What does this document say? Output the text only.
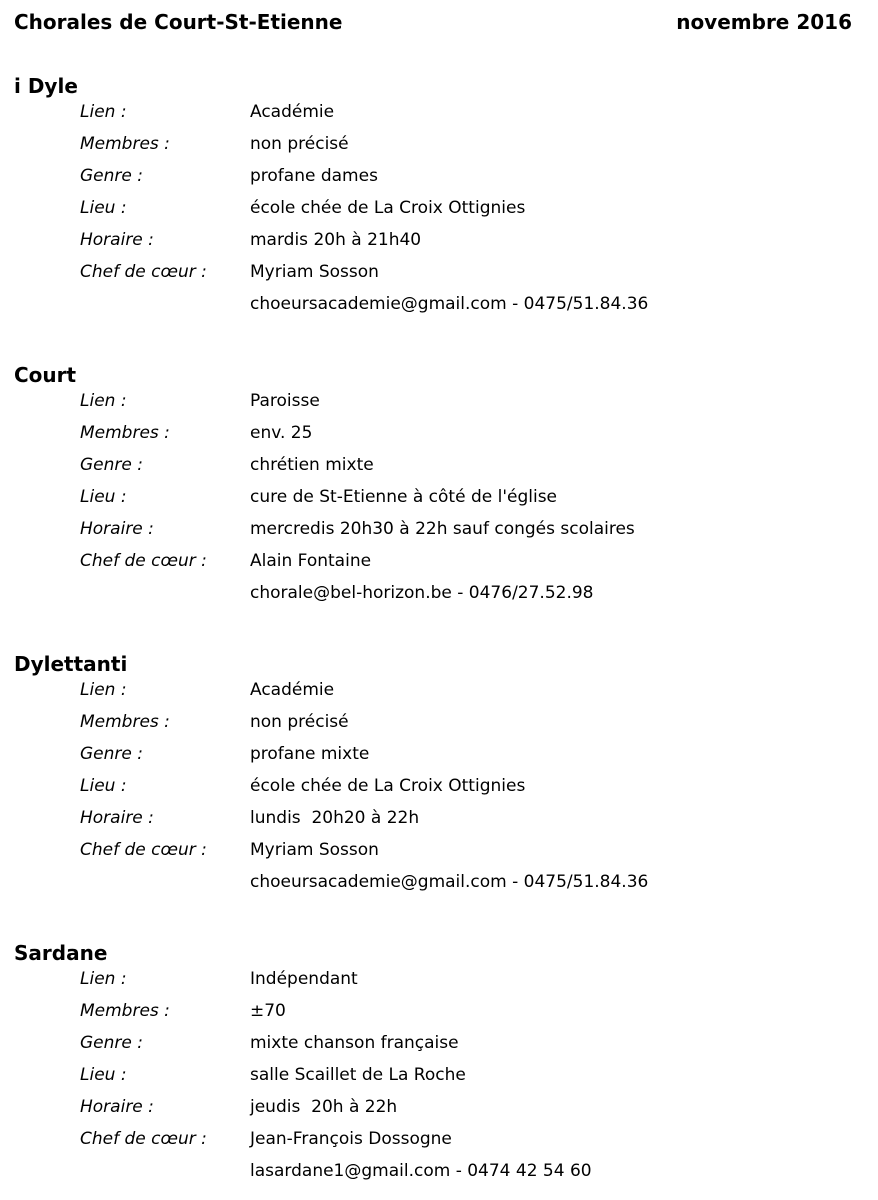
Chorales de Court-St-Etienne	novembre 2016
i Dyle
Lien :	Académie
Membres :	non précisé
Genre :	profane dames
Lieu :	école chée de La Croix Ottignies
Horaire :	mardis 20h à 21h40
Chef de cœur :	Myriam Sosson
choeursacademie@gmail.com - 0475/51.84.36
Court
Lien :	Paroisse
Membres :	env. 25
Genre :	chrétien mixte
Lieu :	cure de St-Etienne à côté de l'église
Horaire :	mercredis 20h30 à 22h sauf congés scolaires
Chef de cœur :	Alain Fontaine
chorale@bel-horizon.be - 0476/27.52.98
Dylettanti
Lien :	Académie
Membres :	non précisé
Genre :	profane mixte
Lieu :	école chée de La Croix Ottignies
Horaire :	lundis  20h20 à 22h
Chef de cœur :	Myriam Sosson
choeursacademie@gmail.com - 0475/51.84.36
Sardane
Lien :	Indépendant
Membres :	±70
Genre :	mixte chanson française
Lieu :	salle Scaillet de La Roche
Horaire :	jeudis  20h à 22h
Chef de cœur :	Jean-François Dossogne
lasardane1@gmail.com - 0474 42 54 60
